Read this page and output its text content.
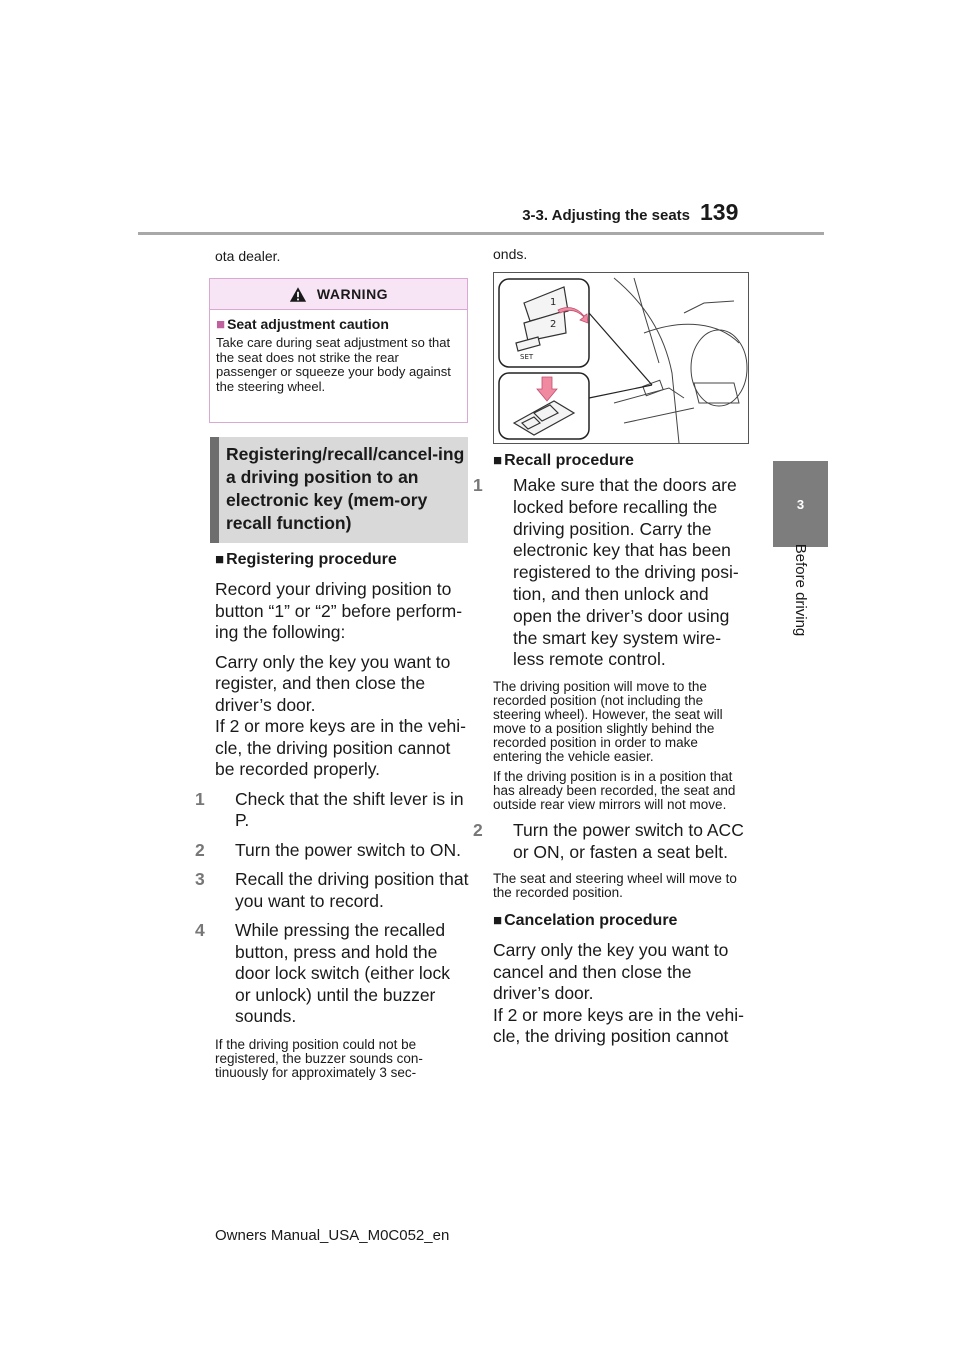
3-3. Adjusting the seats 139
3
Before driving
ota dealer.
WARNING
■ Seat adjustment caution
Take care during seat adjustment so that the seat does not strike the rear passenger or squeeze your body against the steering wheel.
Registering/recall/cancel-ing a driving position to an electronic key (mem-ory recall function)

■ Registering procedure

Record your driving position to button “1” or “2” before perform-ing the following:

Carry only the key you want to register, and then close the driver’s door.

If 2 or more keys are in the vehi-cle, the driving position cannot be recorded properly.

1 Check that the shift lever is in P.

2 Turn the power switch to ON.

3 Recall the driving position that you want to record.

4 While pressing the recalled button, press and hold the door lock switch (either lock or unlock) until the buzzer sounds.

If the driving position could not be registered, the buzzer sounds con-tinuously for approximately 3 sec-

onds.
1
2
SET

■ Recall procedure

1 Make sure that the doors are locked before recalling the driving position. Carry the electronic key that has been registered to the driving posi-tion, and then unlock and open the driver’s door using the smart key system wire-less remote control.

The driving position will move to the recorded position (not including the steering wheel). However, the seat will move to a position slightly behind the recorded position in order to make entering the vehicle easier.

If the driving position is in a position that has already been recorded, the seat and outside rear view mirrors will not move.

2 Turn the power switch to ACC or ON, or fasten a seat belt.

The seat and steering wheel will move to the recorded position.

■ Cancelation procedure

Carry only the key you want to cancel and then close the driver’s door.

If 2 or more keys are in the vehi-cle, the driving position cannot

Owners Manual_USA_M0C052_en
